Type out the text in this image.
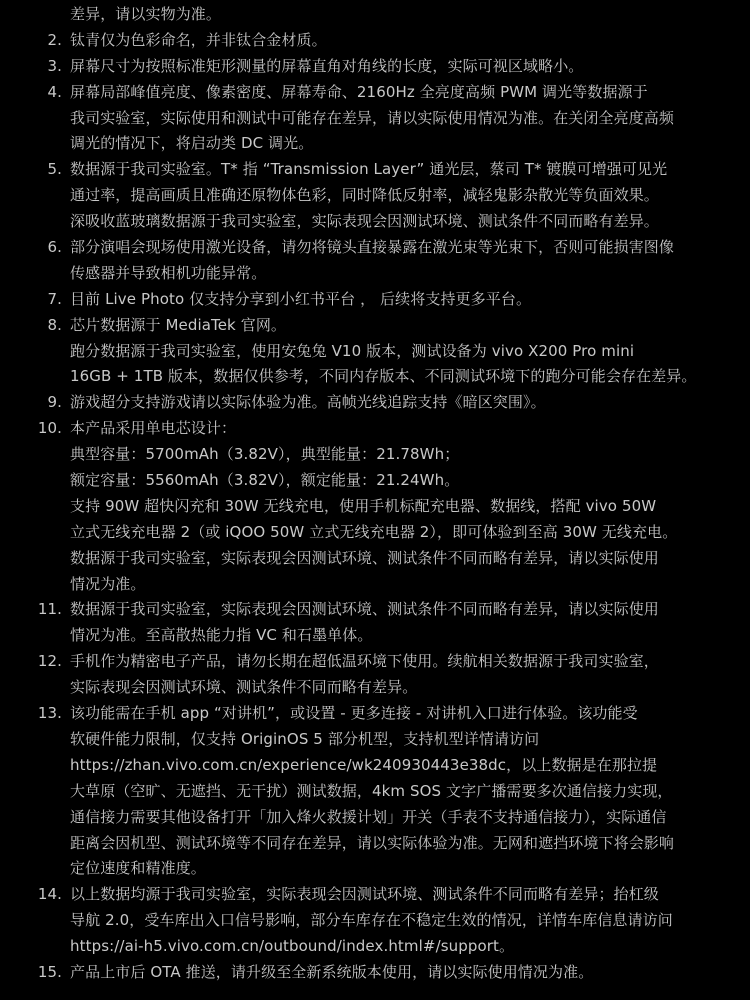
差异，请以实物为准。
2. 钛青仅为色彩命名，并非钛合金材质。
3. 屏幕尺寸为按照标准矩形测量的屏幕直角对角线的长度，实际可视区域略小。
4. 屏幕局部峰值亮度、像素密度、屏幕寿命、2160Hz 全亮度高频 PWM 调光等数据源于
我司实验室，实际使用和测试中可能存在差异，请以实际使用情况为准。在关闭全亮度高频
调光的情况下，将启动类 DC 调光。
5. 数据源于我司实验室。T* 指 “Transmission Layer” 通光层，蔡司 T* 镀膜可增强可见光
通过率，提高画质且准确还原物体色彩，同时降低反射率，减轻鬼影杂散光等负面效果。
深吸收蓝玻璃数据源于我司实验室，实际表现会因测试环境、测试条件不同而略有差异。
6. 部分演唱会现场使用激光设备，请勿将镜头直接暴露在激光束等光束下，否则可能损害图像
传感器并导致相机功能异常。
7. 目前 Live Photo 仅支持分享到小红书平台 ， 后续将支持更多平台。
8. 芯片数据源于 MediaTek 官网。
跑分数据源于我司实验室，使用安兔兔 V10 版本，测试设备为 vivo X200 Pro mini
16GB + 1TB 版本，数据仅供参考，不同内存版本、不同测试环境下的跑分可能会存在差异。
9. 游戏超分支持游戏请以实际体验为准。高帧光线追踪支持《暗区突围》。
10. 本产品采用单电芯设计：
典型容量：5700mAh（3.82V），典型能量：21.78Wh；
额定容量：5560mAh（3.82V），额定能量：21.24Wh。
支持 90W 超快闪充和 30W 无线充电，使用手机标配充电器、数据线，搭配 vivo 50W
立式无线充电器 2（或 iQOO 50W 立式无线充电器 2），即可体验到至高 30W 无线充电。
数据源于我司实验室，实际表现会因测试环境、测试条件不同而略有差异，请以实际使用
情况为准。
11. 数据源于我司实验室，实际表现会因测试环境、测试条件不同而略有差异，请以实际使用
情况为准。至高散热能力指 VC 和石墨单体。
12. 手机作为精密电子产品，请勿长期在超低温环境下使用。续航相关数据源于我司实验室，
实际表现会因测试环境、测试条件不同而略有差异。
13. 该功能需在手机 app “对讲机”，或设置 - 更多连接 - 对讲机入口进行体验。该功能受
软硬件能力限制，仅支持 OriginOS 5 部分机型，支持机型详情请访问
https://zhan.vivo.com.cn/experience/wk240930443e38dc，以上数据是在那拉提
大草原（空旷、无遮挡、无干扰）测试数据，4km SOS 文字广播需要多次通信接力实现，
通信接力需要其他设备打开「加入烽火救援计划」开关（手表不支持通信接力），实际通信
距离会因机型、测试环境等不同存在差异，请以实际体验为准。无网和遮挡环境下将会影响
定位速度和精准度。
14. 以上数据均源于我司实验室，实际表现会因测试环境、测试条件不同而略有差异；抬杠级
导航 2.0，受车库出入口信号影响，部分车库存在不稳定生效的情况，详情车库信息请访问
https://ai-h5.vivo.com.cn/outbound/index.html#/support。
15. 产品上市后 OTA 推送，请升级至全新系统版本使用，请以实际使用情况为准。
